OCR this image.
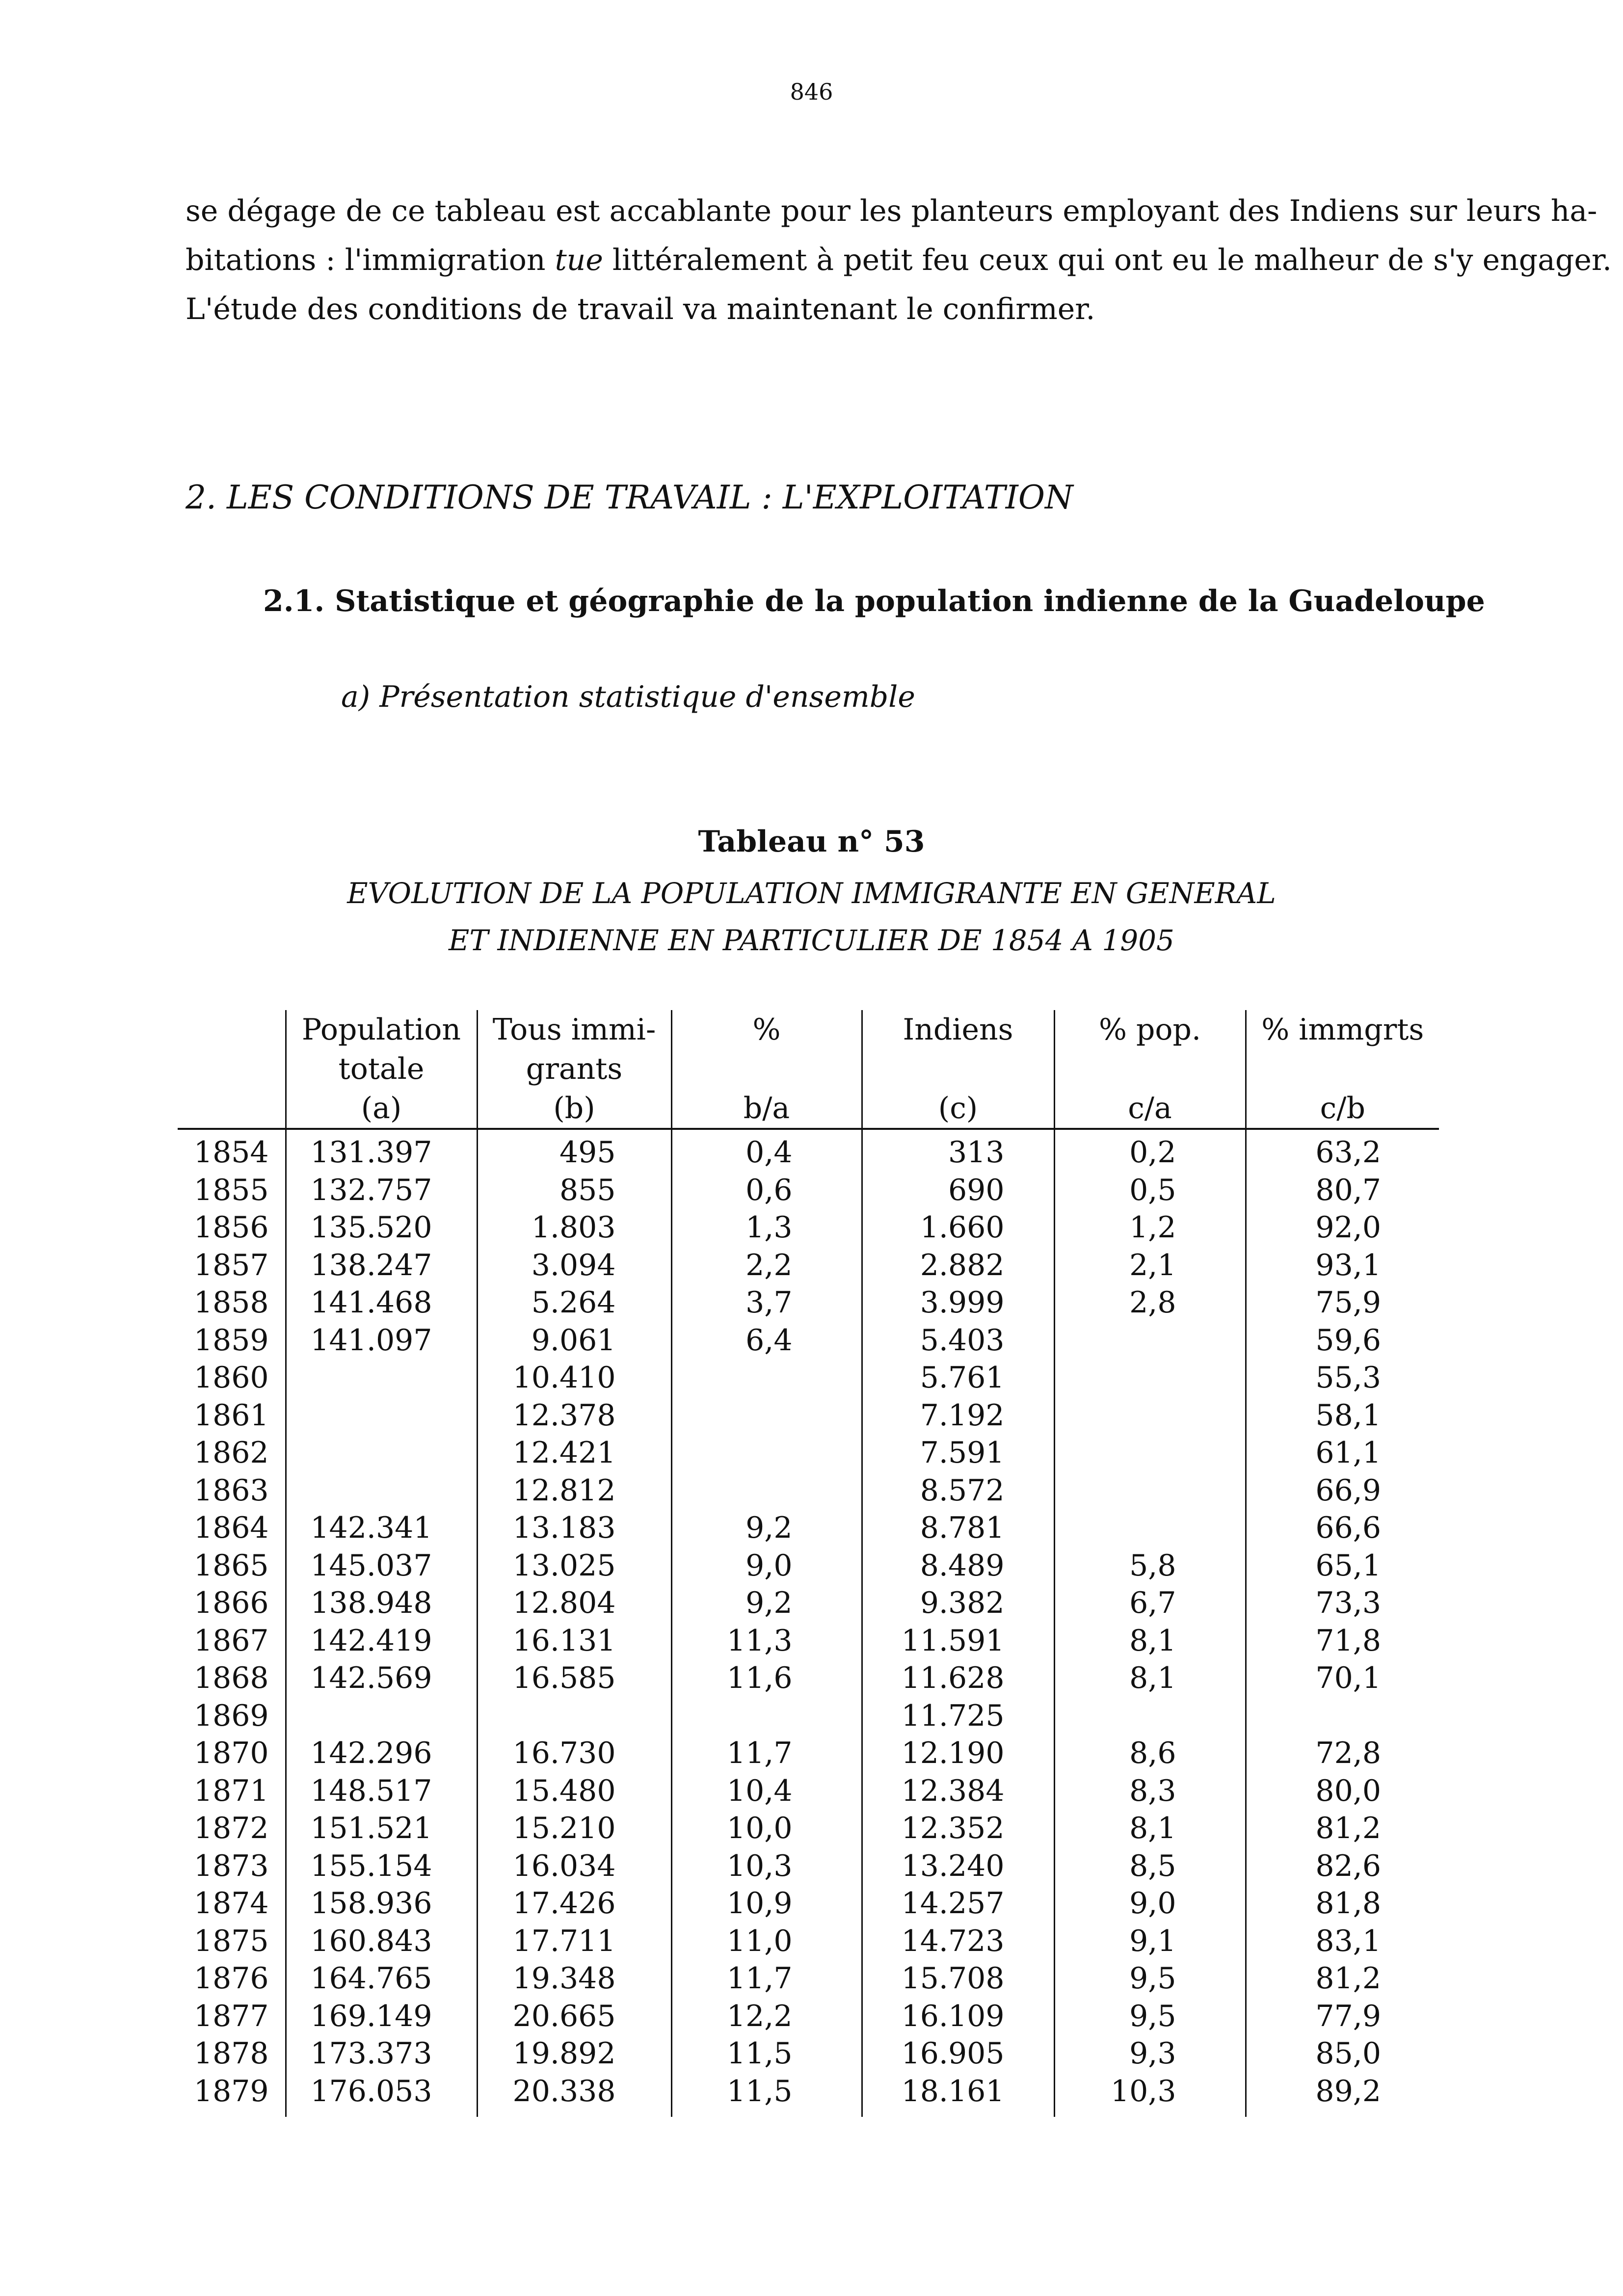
846
se dégage de ce tableau est accablante pour les planteurs employant des Indiens sur leurs ha-
bitations : l'immigration tue littéralement à petit feu ceux qui ont eu le malheur de s'y engager.
L'étude des conditions de travail va maintenant le confirmer.
2. LES CONDITIONS DE TRAVAIL : L'EXPLOITATION
2.1. Statistique et géographie de la population indienne de la Guadeloupe
a) Présentation statistique d'ensemble
Tableau n° 53
EVOLUTION DE LA POPULATION IMMIGRANTE EN GENERAL
ET INDIENNE EN PARTICULIER DE 1854 A 1905
	Population	Tous immi-	%	Indiens	% pop.	% immgrts
	totale	grants				
	(a)	(b)	b/a	(c)	c/a	c/b
1854	131.397	495	0,4	313	0,2	63,2
1855	132.757	855	0,6	690	0,5	80,7
1856	135.520	1.803	1,3	1.660	1,2	92,0
1857	138.247	3.094	2,2	2.882	2,1	93,1
1858	141.468	5.264	3,7	3.999	2,8	75,9
1859	141.097	9.061	6,4	5.403		59,6
1860		10.410		5.761		55,3
1861		12.378		7.192		58,1
1862		12.421		7.591		61,1
1863		12.812		8.572		66,9
1864	142.341	13.183	9,2	8.781		66,6
1865	145.037	13.025	9,0	8.489	5,8	65,1
1866	138.948	12.804	9,2	9.382	6,7	73,3
1867	142.419	16.131	11,3	11.591	8,1	71,8
1868	142.569	16.585	11,6	11.628	8,1	70,1
1869				11.725		
1870	142.296	16.730	11,7	12.190	8,6	72,8
1871	148.517	15.480	10,4	12.384	8,3	80,0
1872	151.521	15.210	10,0	12.352	8,1	81,2
1873	155.154	16.034	10,3	13.240	8,5	82,6
1874	158.936	17.426	10,9	14.257	9,0	81,8
1875	160.843	17.711	11,0	14.723	9,1	83,1
1876	164.765	19.348	11,7	15.708	9,5	81,2
1877	169.149	20.665	12,2	16.109	9,5	77,9
1878	173.373	19.892	11,5	16.905	9,3	85,0
1879	176.053	20.338	11,5	18.161	10,3	89,2
